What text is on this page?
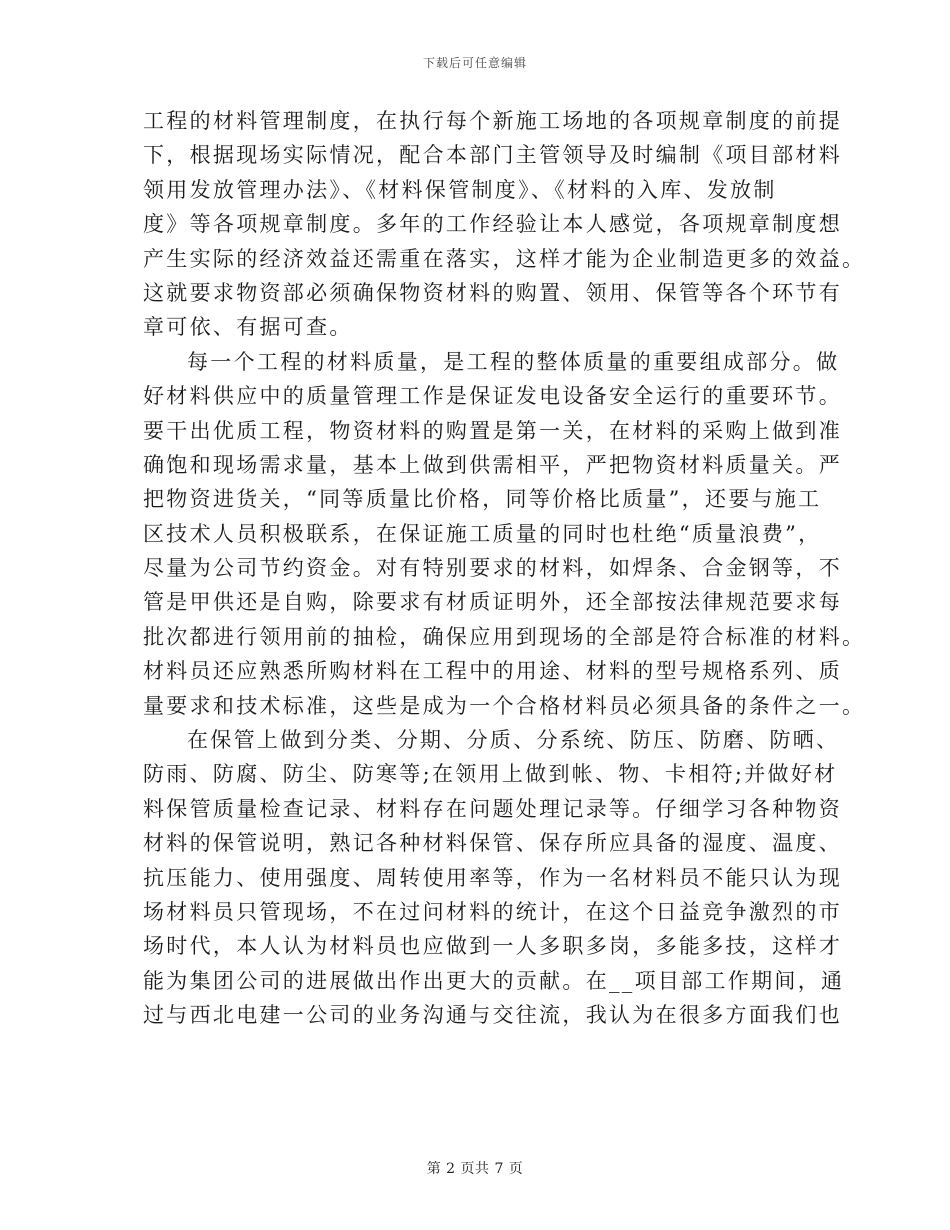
下载后可任意编辑
工程的材料管理制度，在执行每个新施工场地的各项规章制度的前提
下，根据现场实际情况，配合本部门主管领导及时编制《项目部材料
领用发放管理办法》、《材料保管制度》、《材料的入库、发放制
度》等各项规章制度。多年的工作经验让本人感觉，各项规章制度想
产生实际的经济效益还需重在落实，这样才能为企业制造更多的效益。
这就要求物资部必须确保物资材料的购置、领用、保管等各个环节有
章可依、有据可查。
每一个工程的材料质量，是工程的整体质量的重要组成部分。做
好材料供应中的质量管理工作是保证发电设备安全运行的重要环节。
要干出优质工程，物资材料的购置是第一关，在材料的采购上做到准
确饱和现场需求量，基本上做到供需相平，严把物资材料质量关。严
把物资进货关，“同等质量比价格，同等价格比质量”，还要与施工
区技术人员积极联系，在保证施工质量的同时也杜绝“质量浪费”，
尽量为公司节约资金。对有特别要求的材料，如焊条、合金钢等，不
管是甲供还是自购，除要求有材质证明外，还全部按法律规范要求每
批次都进行领用前的抽检，确保应用到现场的全部是符合标准的材料。
材料员还应熟悉所购材料在工程中的用途、材料的型号规格系列、质
量要求和技术标准，这些是成为一个合格材料员必须具备的条件之一。
在保管上做到分类、分期、分质、分系统、防压、防磨、防晒、
防雨、防腐、防尘、防寒等;在领用上做到帐、物、卡相符;并做好材
料保管质量检查记录、材料存在问题处理记录等。仔细学习各种物资
材料的保管说明，熟记各种材料保管、保存所应具备的湿度、温度、
抗压能力、使用强度、周转使用率等，作为一名材料员不能只认为现
场材料员只管现场，不在过问材料的统计，在这个日益竞争激烈的市
场时代，本人认为材料员也应做到一人多职多岗，多能多技，这样才
能为集团公司的进展做出作出更大的贡献。在__项目部工作期间，通
过与西北电建一公司的业务沟通与交往流，我认为在很多方面我们也
第 2 页共 7 页
